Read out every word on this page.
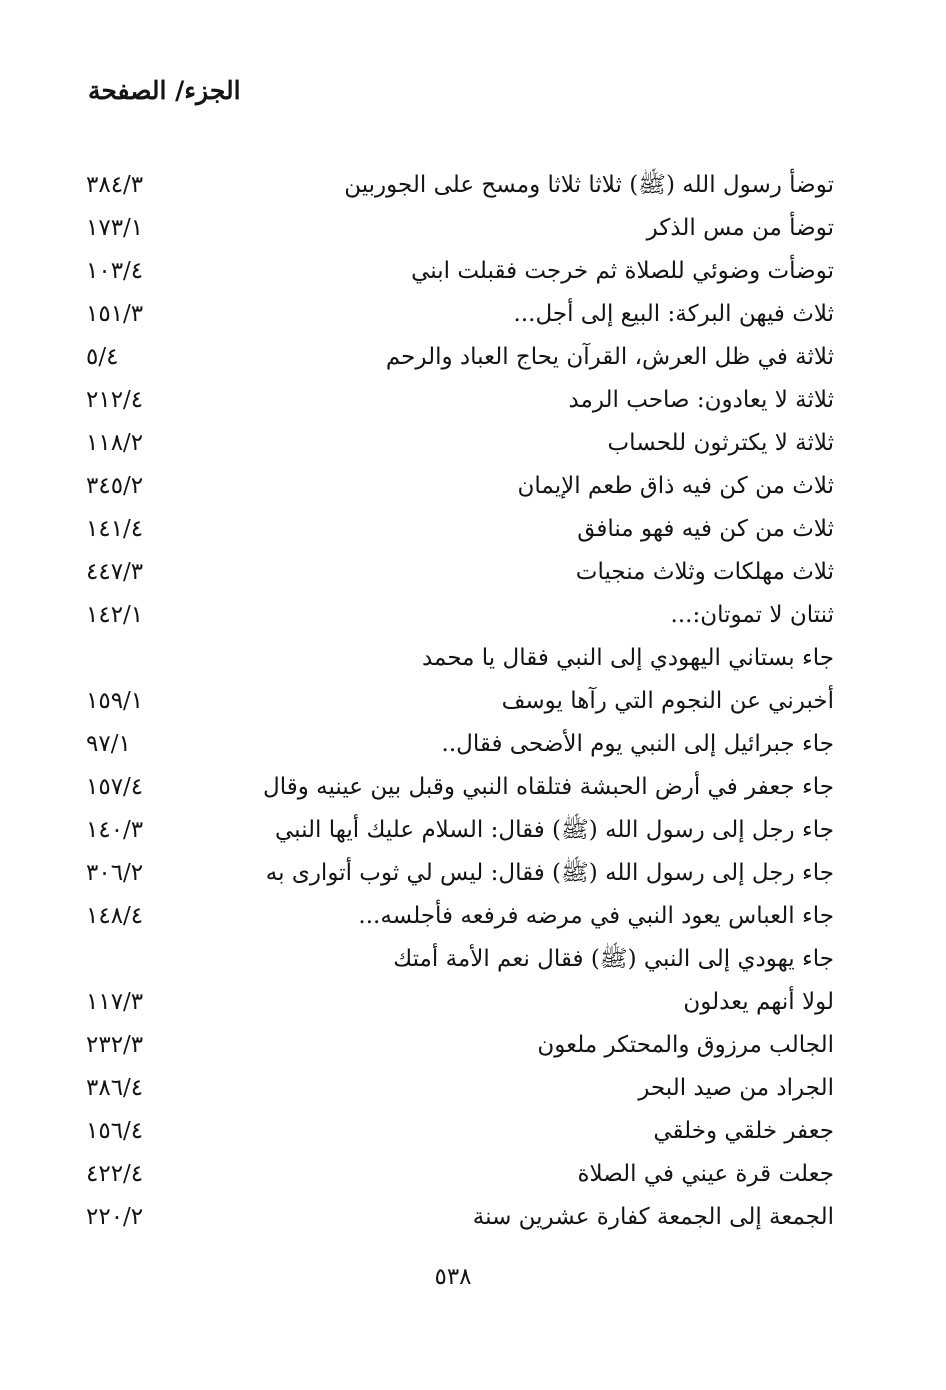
الجزء/ الصفحة
توضأ رسول الله (ﷺ) ثلاثا ثلاثا ومسح على الجوربين
٣٨٤/٣
توضأ من مس الذكر
١٧٣/١
توضأت وضوئي للصلاة ثم خرجت فقبلت ابني
١٠٣/٤
ثلاث فيهن البركة: البيع إلى أجل...
١٥١/٣
ثلاثة في ظل العرش، القرآن يحاج العباد والرحم
٥/٤
ثلاثة لا يعادون: صاحب الرمد
٢١٢/٤
ثلاثة لا يكترثون للحساب
١١٨/٢
ثلاث من كن فيه ذاق طعم الإيمان
٣٤٥/٢
ثلاث من كن فيه فهو منافق
١٤١/٤
ثلاث مهلكات وثلاث منجيات
٤٤٧/٣
ثنتان لا تموتان:...
١٤٢/١
جاء بستاني اليهودي إلى النبي فقال يا محمد
أخبرني عن النجوم التي رآها يوسف
١٥٩/١
جاء جبرائيل إلى النبي يوم الأضحى فقال..
٩٧/١
جاء جعفر في أرض الحبشة فتلقاه النبي وقبل بين عينيه وقال
١٥٧/٤
جاء رجل إلى رسول الله (ﷺ) فقال: السلام عليك أيها النبي
١٤٠/٣
جاء رجل إلى رسول الله (ﷺ) فقال: ليس لي ثوب أتوارى به
٣٠٦/٢
جاء العباس يعود النبي في مرضه فرفعه فأجلسه...
١٤٨/٤
جاء يهودي إلى النبي (ﷺ) فقال نعم الأمة أمتك
لولا أنهم يعدلون
١١٧/٣
الجالب مرزوق والمحتكر ملعون
٢٣٢/٣
الجراد من صيد البحر
٣٨٦/٤
جعفر خلقي وخلقي
١٥٦/٤
جعلت قرة عيني في الصلاة
٤٢٢/٤
الجمعة إلى الجمعة كفارة عشرين سنة
٢٢٠/٢
٥٣٨
